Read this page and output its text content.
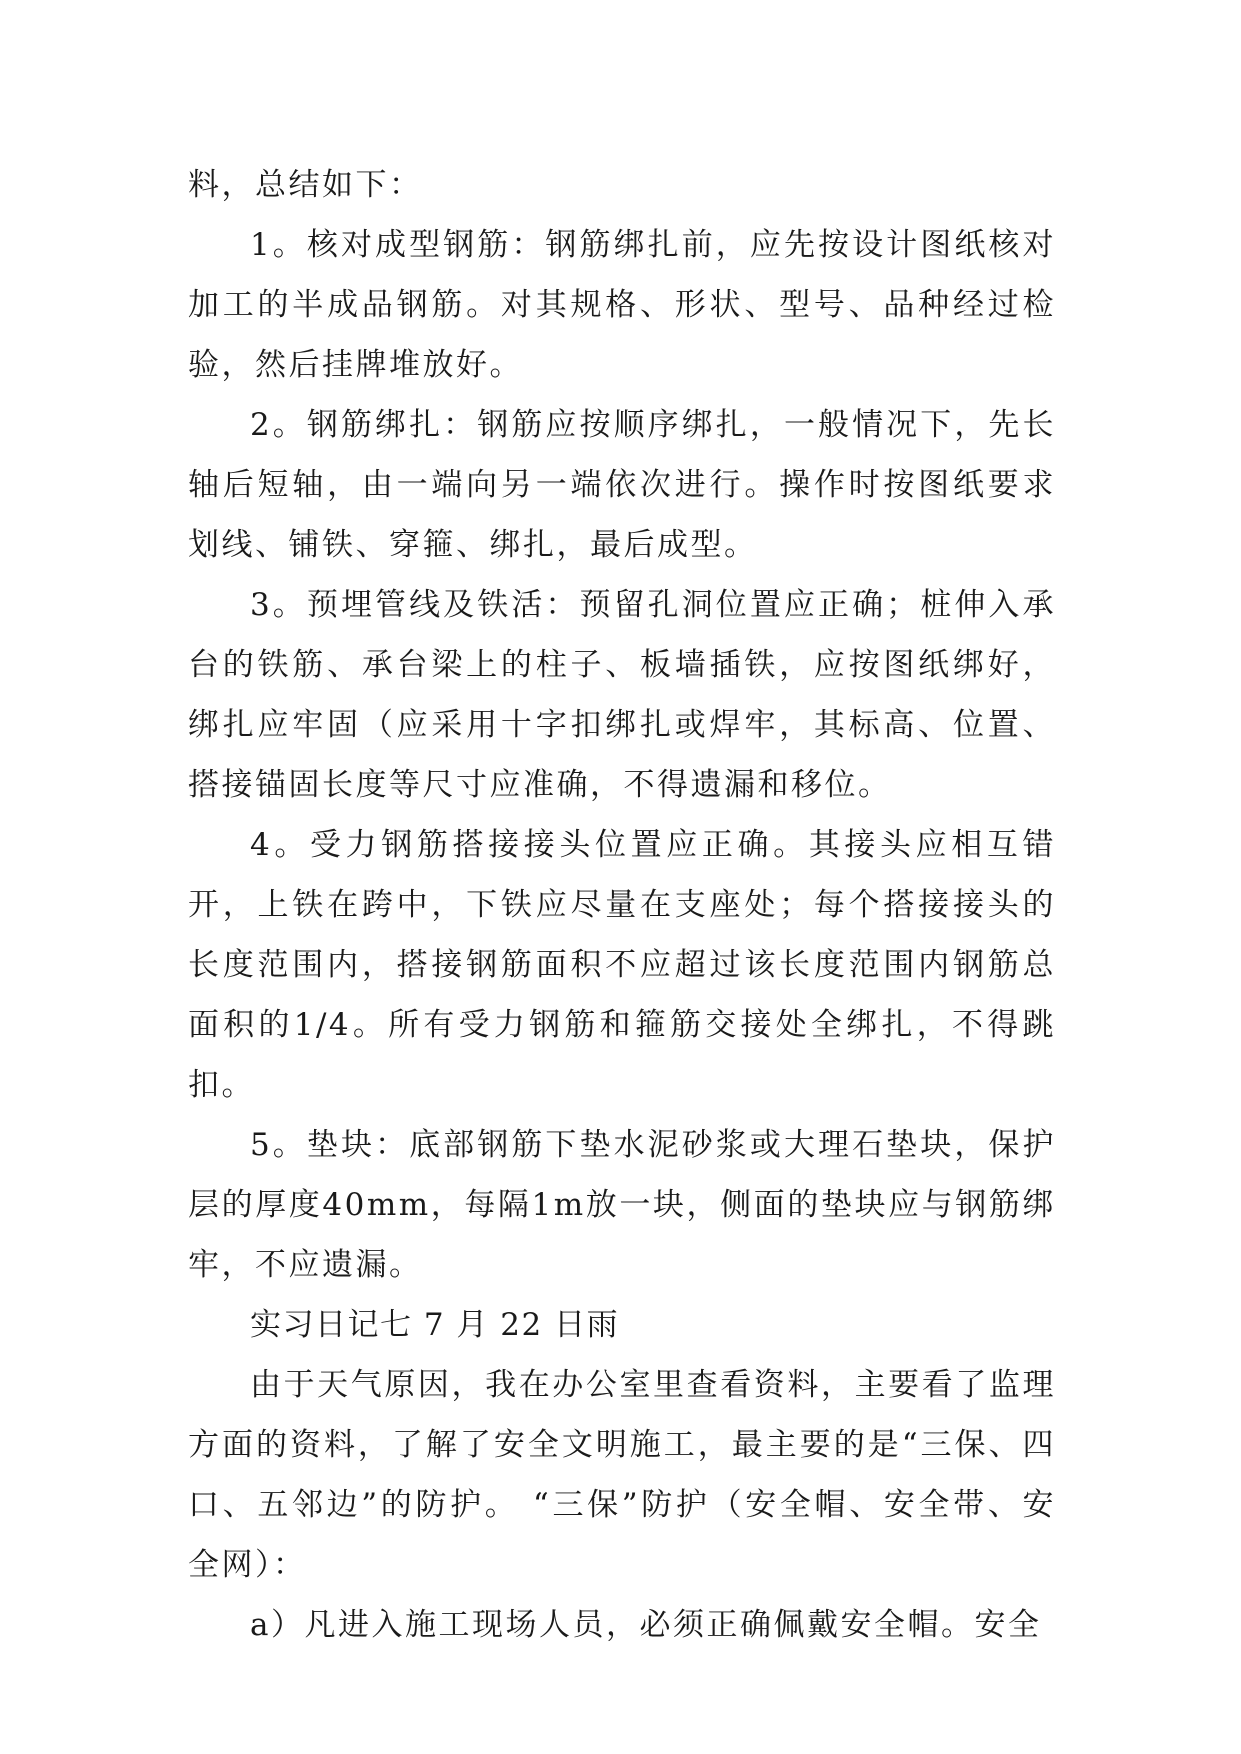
料，总结如下：

1。核对成型钢筋：钢筋绑扎前，应先按设计图纸核对加工的半成品钢筋。对其规格、形状、型号、品种经过检验，然后挂牌堆放好。

2。钢筋绑扎：钢筋应按顺序绑扎，一般情况下，先长轴后短轴，由一端向另一端依次进行。操作时按图纸要求划线、铺铁、穿箍、绑扎，最后成型。

3。预埋管线及铁活：预留孔洞位置应正确；桩伸入承台的铁筋、承台梁上的柱子、板墙插铁，应按图纸绑好，绑扎应牢固（应采用十字扣绑扎或焊牢，其标高、位置、搭接锚固长度等尺寸应准确，不得遗漏和移位。

4。受力钢筋搭接接头位置应正确。其接头应相互错开，上铁在跨中，下铁应尽量在支座处；每个搭接接头的长度范围内，搭接钢筋面积不应超过该长度范围内钢筋总面积的1/4。所有受力钢筋和箍筋交接处全绑扎，不得跳扣。

5。垫块：底部钢筋下垫水泥砂浆或大理石垫块，保护层的厚度40mm，每隔1m放一块，侧面的垫块应与钢筋绑牢，不应遗漏。

实习日记七 7 月 22 日雨

由于天气原因，我在办公室里查看资料，主要看了监理方面的资料，了解了安全文明施工，最主要的是“三保、四口、五邻边”的防护。 “三保”防护（安全帽、安全带、安全网）：

a）凡进入施工现场人员，必须正确佩戴安全帽。安全
